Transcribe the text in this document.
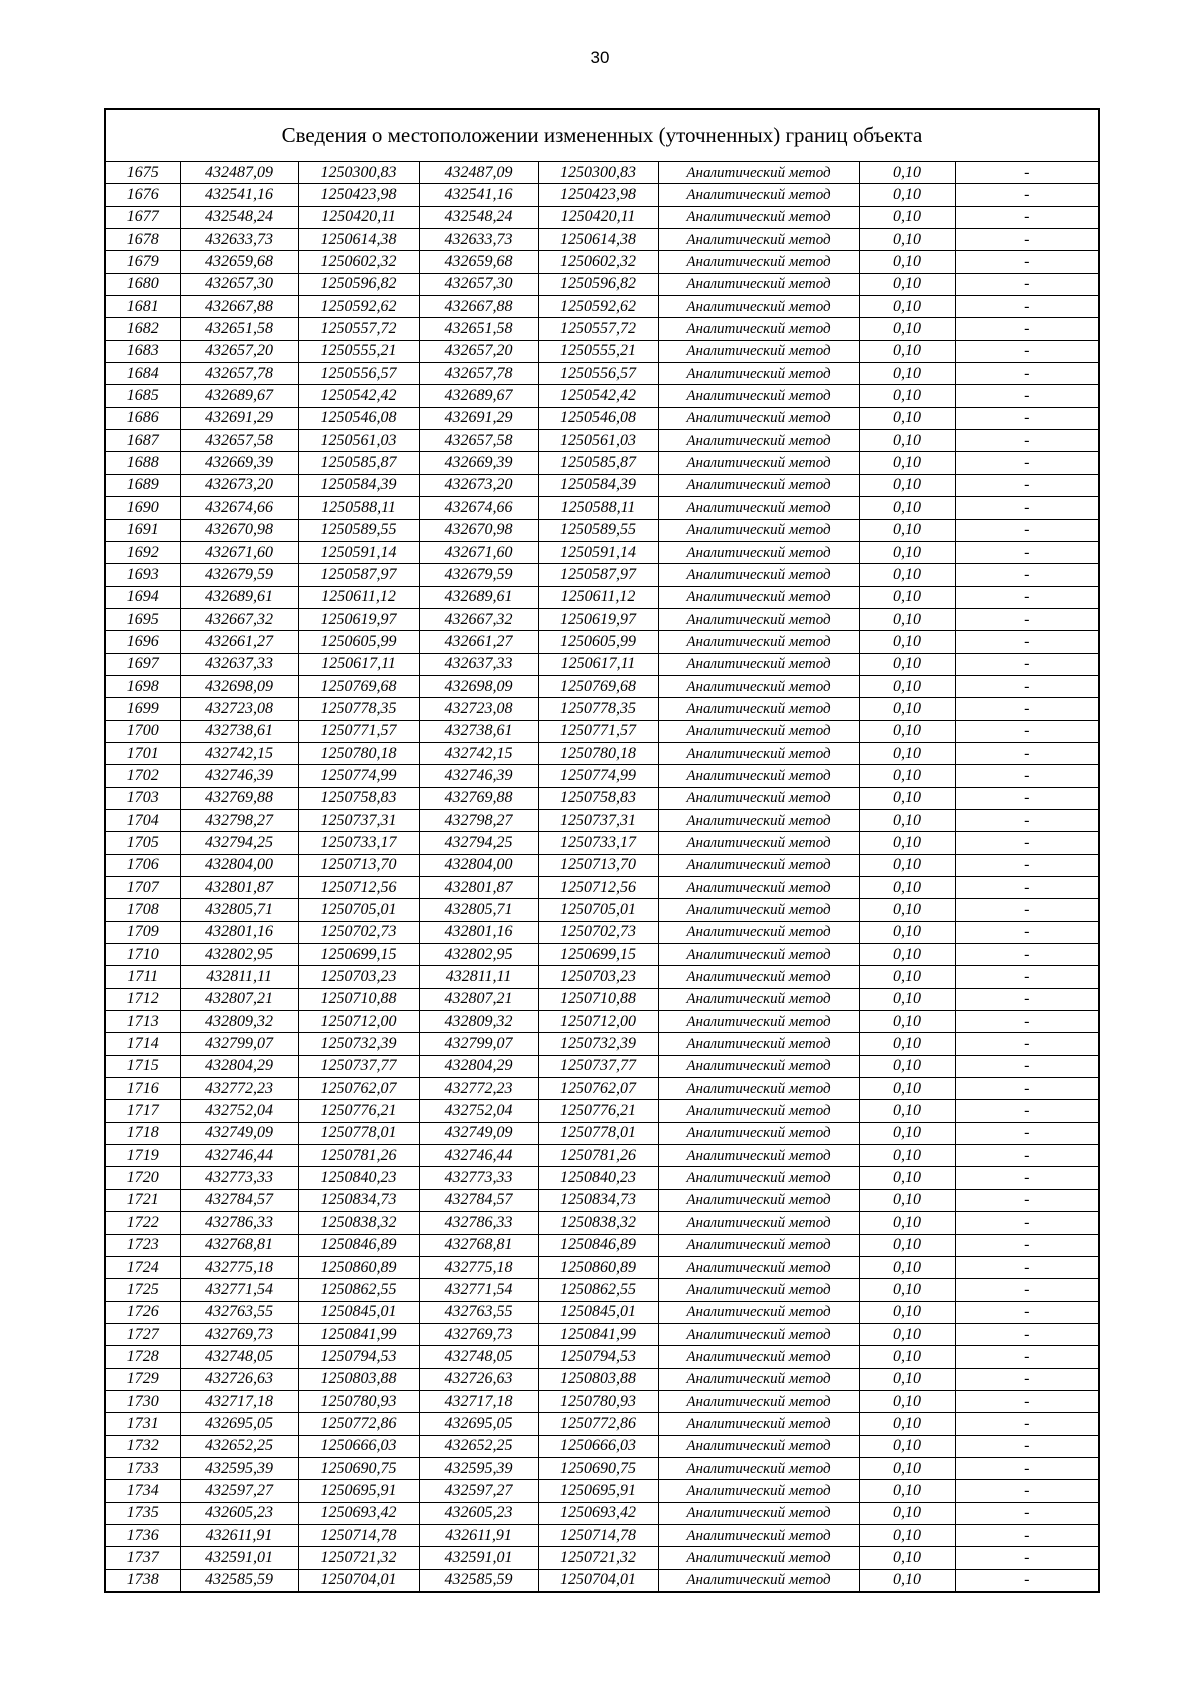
30
Сведения о местоположении измененных (уточненных) границ объекта							
1675	432487,09	1250300,83	432487,09	1250300,83	Аналитический метод	0,10	-
1676	432541,16	1250423,98	432541,16	1250423,98	Аналитический метод	0,10	-
1677	432548,24	1250420,11	432548,24	1250420,11	Аналитический метод	0,10	-
1678	432633,73	1250614,38	432633,73	1250614,38	Аналитический метод	0,10	-
1679	432659,68	1250602,32	432659,68	1250602,32	Аналитический метод	0,10	-
1680	432657,30	1250596,82	432657,30	1250596,82	Аналитический метод	0,10	-
1681	432667,88	1250592,62	432667,88	1250592,62	Аналитический метод	0,10	-
1682	432651,58	1250557,72	432651,58	1250557,72	Аналитический метод	0,10	-
1683	432657,20	1250555,21	432657,20	1250555,21	Аналитический метод	0,10	-
1684	432657,78	1250556,57	432657,78	1250556,57	Аналитический метод	0,10	-
1685	432689,67	1250542,42	432689,67	1250542,42	Аналитический метод	0,10	-
1686	432691,29	1250546,08	432691,29	1250546,08	Аналитический метод	0,10	-
1687	432657,58	1250561,03	432657,58	1250561,03	Аналитический метод	0,10	-
1688	432669,39	1250585,87	432669,39	1250585,87	Аналитический метод	0,10	-
1689	432673,20	1250584,39	432673,20	1250584,39	Аналитический метод	0,10	-
1690	432674,66	1250588,11	432674,66	1250588,11	Аналитический метод	0,10	-
1691	432670,98	1250589,55	432670,98	1250589,55	Аналитический метод	0,10	-
1692	432671,60	1250591,14	432671,60	1250591,14	Аналитический метод	0,10	-
1693	432679,59	1250587,97	432679,59	1250587,97	Аналитический метод	0,10	-
1694	432689,61	1250611,12	432689,61	1250611,12	Аналитический метод	0,10	-
1695	432667,32	1250619,97	432667,32	1250619,97	Аналитический метод	0,10	-
1696	432661,27	1250605,99	432661,27	1250605,99	Аналитический метод	0,10	-
1697	432637,33	1250617,11	432637,33	1250617,11	Аналитический метод	0,10	-
1698	432698,09	1250769,68	432698,09	1250769,68	Аналитический метод	0,10	-
1699	432723,08	1250778,35	432723,08	1250778,35	Аналитический метод	0,10	-
1700	432738,61	1250771,57	432738,61	1250771,57	Аналитический метод	0,10	-
1701	432742,15	1250780,18	432742,15	1250780,18	Аналитический метод	0,10	-
1702	432746,39	1250774,99	432746,39	1250774,99	Аналитический метод	0,10	-
1703	432769,88	1250758,83	432769,88	1250758,83	Аналитический метод	0,10	-
1704	432798,27	1250737,31	432798,27	1250737,31	Аналитический метод	0,10	-
1705	432794,25	1250733,17	432794,25	1250733,17	Аналитический метод	0,10	-
1706	432804,00	1250713,70	432804,00	1250713,70	Аналитический метод	0,10	-
1707	432801,87	1250712,56	432801,87	1250712,56	Аналитический метод	0,10	-
1708	432805,71	1250705,01	432805,71	1250705,01	Аналитический метод	0,10	-
1709	432801,16	1250702,73	432801,16	1250702,73	Аналитический метод	0,10	-
1710	432802,95	1250699,15	432802,95	1250699,15	Аналитический метод	0,10	-
1711	432811,11	1250703,23	432811,11	1250703,23	Аналитический метод	0,10	-
1712	432807,21	1250710,88	432807,21	1250710,88	Аналитический метод	0,10	-
1713	432809,32	1250712,00	432809,32	1250712,00	Аналитический метод	0,10	-
1714	432799,07	1250732,39	432799,07	1250732,39	Аналитический метод	0,10	-
1715	432804,29	1250737,77	432804,29	1250737,77	Аналитический метод	0,10	-
1716	432772,23	1250762,07	432772,23	1250762,07	Аналитический метод	0,10	-
1717	432752,04	1250776,21	432752,04	1250776,21	Аналитический метод	0,10	-
1718	432749,09	1250778,01	432749,09	1250778,01	Аналитический метод	0,10	-
1719	432746,44	1250781,26	432746,44	1250781,26	Аналитический метод	0,10	-
1720	432773,33	1250840,23	432773,33	1250840,23	Аналитический метод	0,10	-
1721	432784,57	1250834,73	432784,57	1250834,73	Аналитический метод	0,10	-
1722	432786,33	1250838,32	432786,33	1250838,32	Аналитический метод	0,10	-
1723	432768,81	1250846,89	432768,81	1250846,89	Аналитический метод	0,10	-
1724	432775,18	1250860,89	432775,18	1250860,89	Аналитический метод	0,10	-
1725	432771,54	1250862,55	432771,54	1250862,55	Аналитический метод	0,10	-
1726	432763,55	1250845,01	432763,55	1250845,01	Аналитический метод	0,10	-
1727	432769,73	1250841,99	432769,73	1250841,99	Аналитический метод	0,10	-
1728	432748,05	1250794,53	432748,05	1250794,53	Аналитический метод	0,10	-
1729	432726,63	1250803,88	432726,63	1250803,88	Аналитический метод	0,10	-
1730	432717,18	1250780,93	432717,18	1250780,93	Аналитический метод	0,10	-
1731	432695,05	1250772,86	432695,05	1250772,86	Аналитический метод	0,10	-
1732	432652,25	1250666,03	432652,25	1250666,03	Аналитический метод	0,10	-
1733	432595,39	1250690,75	432595,39	1250690,75	Аналитический метод	0,10	-
1734	432597,27	1250695,91	432597,27	1250695,91	Аналитический метод	0,10	-
1735	432605,23	1250693,42	432605,23	1250693,42	Аналитический метод	0,10	-
1736	432611,91	1250714,78	432611,91	1250714,78	Аналитический метод	0,10	-
1737	432591,01	1250721,32	432591,01	1250721,32	Аналитический метод	0,10	-
1738	432585,59	1250704,01	432585,59	1250704,01	Аналитический метод	0,10	-
